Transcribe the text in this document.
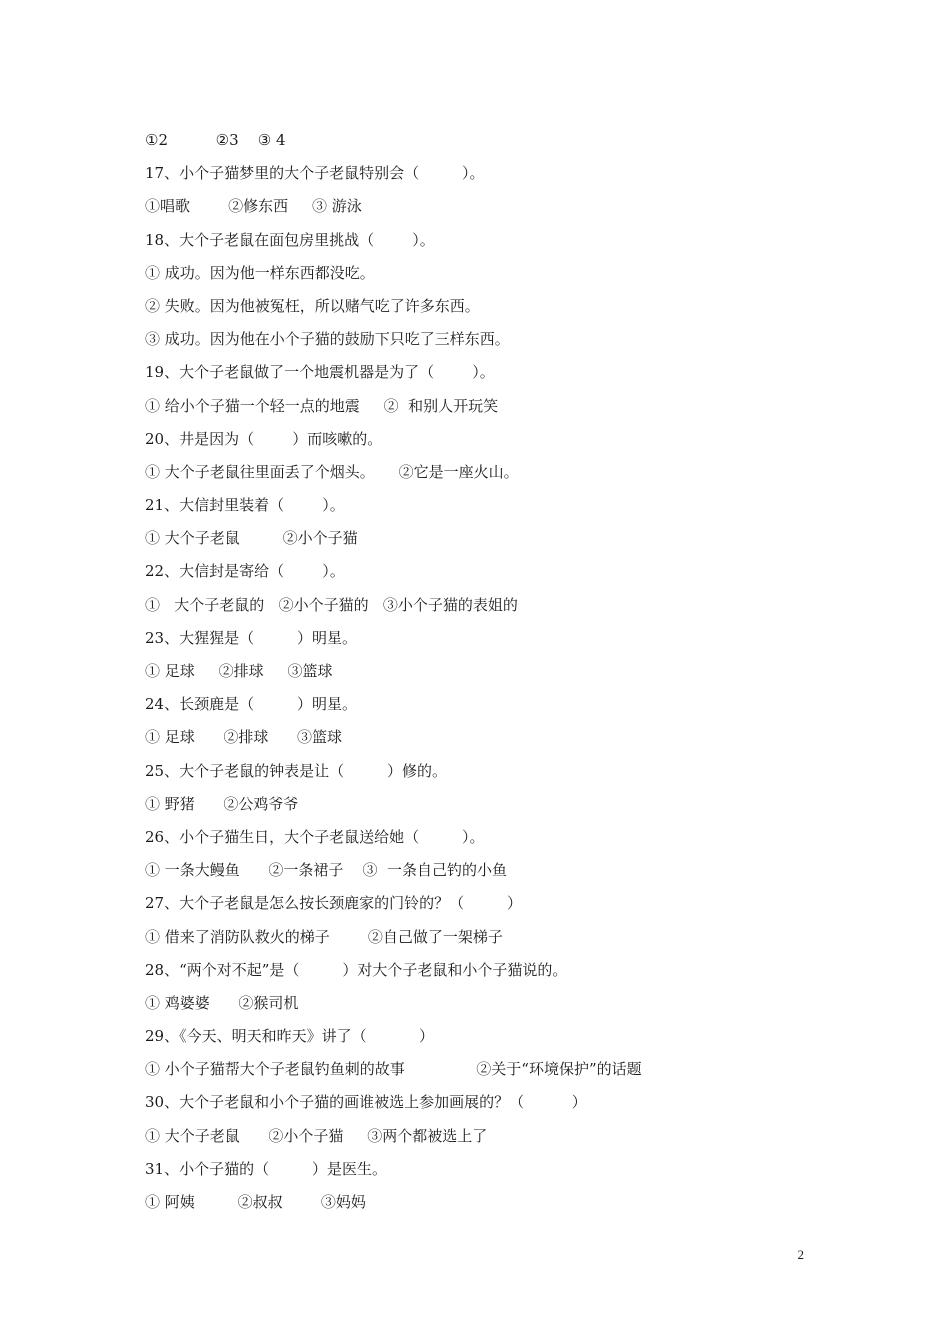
①2          ②3    ③ 4
17、小个子猫梦里的大个子老鼠特别会（         ）。
①唱歌        ②修东西     ③ 游泳
18、大个子老鼠在面包房里挑战（        ）。
① 成功。因为他一样东西都没吃。
② 失败。因为他被冤枉，所以赌气吃了许多东西。
③ 成功。因为他在小个子猫的鼓励下只吃了三样东西。
19、大个子老鼠做了一个地震机器是为了（        ）。
① 给小个子猫一个轻一点的地震     ②  和别人开玩笑
20、井是因为（        ）而咳嗽的。
① 大个子老鼠往里面丢了个烟头。     ②它是一座火山。
21、大信封里装着（        ）。
① 大个子老鼠         ②小个子猫
22、大信封是寄给（        ）。
①   大个子老鼠的   ②小个子猫的   ③小个子猫的表姐的
23、大猩猩是（         ）明星。
① 足球     ②排球     ③篮球
24、长颈鹿是（         ）明星。
① 足球      ②排球      ③篮球
25、大个子老鼠的钟表是让（         ）修的。
① 野猪      ②公鸡爷爷
26、小个子猫生日，大个子老鼠送给她（         ）。
① 一条大鳗鱼      ②一条裙子    ③  一条自己钓的小鱼
27、大个子老鼠是怎么按长颈鹿家的门铃的？（         ）
① 借来了消防队救火的梯子        ②自己做了一架梯子
28、“两个对不起”是（         ）对大个子老鼠和小个子猫说的。
① 鸡婆婆      ②猴司机
29、《今天、明天和昨天》讲了（           ）
① 小个子猫帮大个子老鼠钓鱼刺的故事               ②关于“环境保护”的话题
30、大个子老鼠和小个子猫的画谁被选上参加画展的？（          ）
① 大个子老鼠      ②小个子猫     ③两个都被选上了
31、小个子猫的（         ）是医生。
① 阿姨         ②叔叔        ③妈妈
2
